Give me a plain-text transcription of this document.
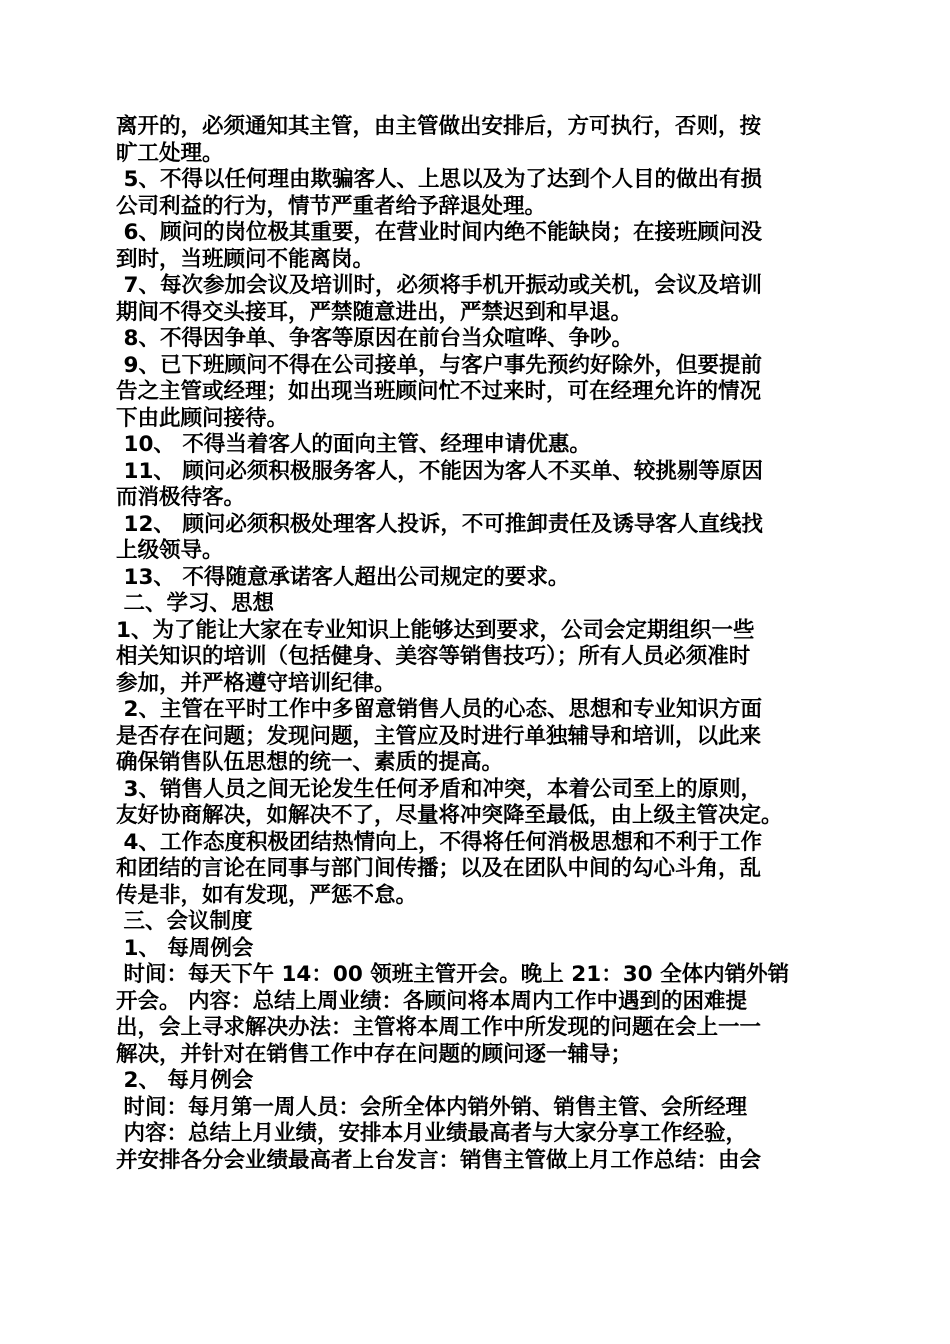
离开的，必须通知其主管，由主管做出安排后，方可执行，否则，按
旷工处理。
5、不得以任何理由欺骗客人、上思以及为了达到个人目的做出有损
公司利益的行为，情节严重者给予辞退处理。
6、顾问的岗位极其重要，在营业时间内绝不能缺岗；在接班顾问没
到时，当班顾问不能离岗。
7、每次参加会议及培训时，必须将手机开振动或关机，会议及培训
期间不得交头接耳，严禁随意进出，严禁迟到和早退。
8、不得因争单、争客等原因在前台当众喧哗、争吵。
9、已下班顾问不得在公司接单，与客户事先预约好除外，但要提前
告之主管或经理；如出现当班顾问忙不过来时，可在经理允许的情况
下由此顾问接待。
10、 不得当着客人的面向主管、经理申请优惠。
11、 顾问必须积极服务客人，不能因为客人不买单、较挑剔等原因
而消极待客。
12、 顾问必须积极处理客人投诉，不可推卸责任及诱导客人直线找
上级领导。
13、 不得随意承诺客人超出公司规定的要求。
二、学习、思想
1、为了能让大家在专业知识上能够达到要求，公司会定期组织一些
相关知识的培训（包括健身、美容等销售技巧）；所有人员必须准时
参加，并严格遵守培训纪律。
2、主管在平时工作中多留意销售人员的心态、思想和专业知识方面
是否存在问题；发现问题，主管应及时进行单独辅导和培训，以此来
确保销售队伍思想的统一、素质的提高。
3、销售人员之间无论发生任何矛盾和冲突，本着公司至上的原则，
友好协商解决，如解决不了，尽量将冲突降至最低，由上级主管决定。
4、工作态度积极团结热情向上，不得将任何消极思想和不利于工作
和团结的言论在同事与部门间传播；以及在团队中间的勾心斗角，乱
传是非，如有发现，严惩不怠。
三、会议制度
1、 每周例会
时间：每天下午 14：00 领班主管开会。晚上 21：30 全体内销外销
开会。 内容：总结上周业绩：各顾问将本周内工作中遇到的困难提
出，会上寻求解决办法：主管将本周工作中所发现的问题在会上一一
解决，并针对在销售工作中存在问题的顾问逐一辅导；
2、 每月例会
时间：每月第一周人员：会所全体内销外销、销售主管、会所经理
内容：总结上月业绩，安排本月业绩最高者与大家分享工作经验，
并安排各分会业绩最高者上台发言：销售主管做上月工作总结：由会
